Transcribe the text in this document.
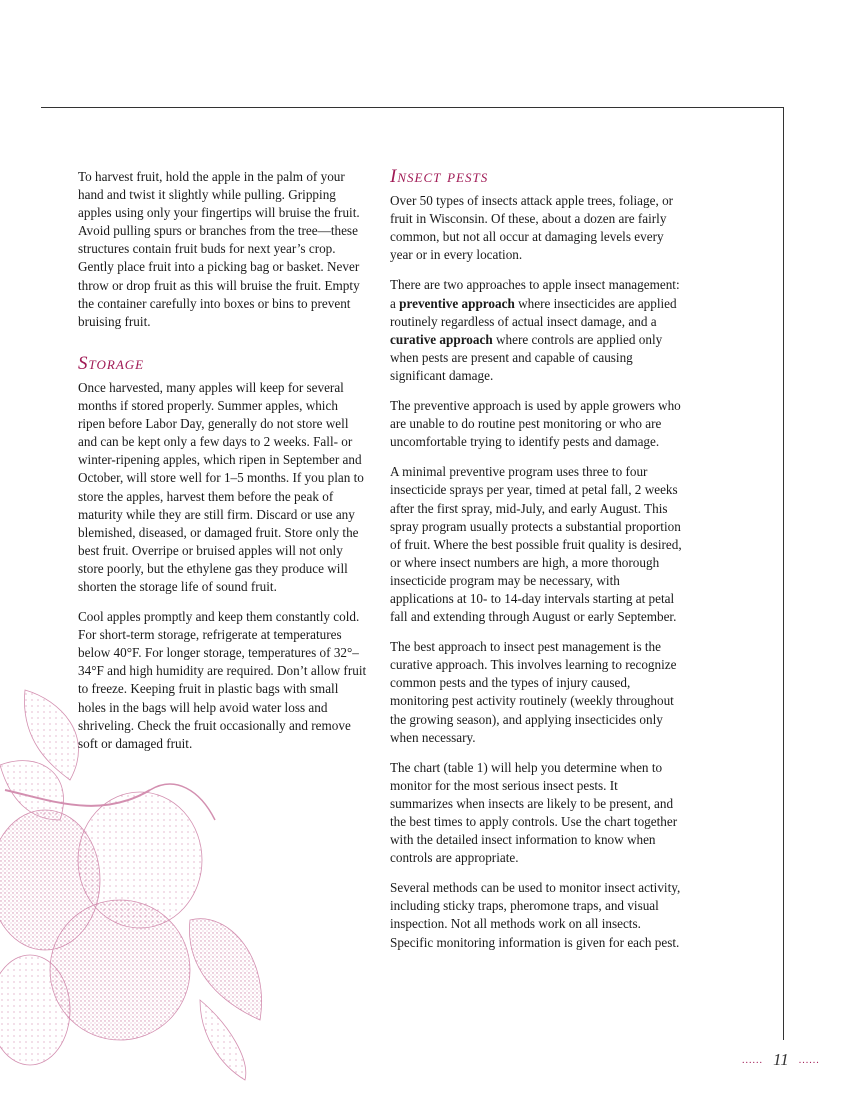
To harvest fruit, hold the apple in the palm of your hand and twist it slightly while pulling. Gripping apples using only your fingertips will bruise the fruit. Avoid pulling spurs or branches from the tree—these structures contain fruit buds for next year’s crop. Gently place fruit into a picking bag or basket. Never throw or drop fruit as this will bruise the fruit. Empty the container carefully into boxes or bins to prevent bruising fruit.

Storage

Once harvested, many apples will keep for several months if stored properly. Summer apples, which ripen before Labor Day, generally do not store well and can be kept only a few days to 2 weeks. Fall- or winter-ripening apples, which ripen in September and October, will store well for 1–5 months. If you plan to store the apples, harvest them before the peak of maturity while they are still firm. Discard or use any blemished, diseased, or damaged fruit. Store only the best fruit. Overripe or bruised apples will not only store poorly, but the ethylene gas they produce will shorten the storage life of sound fruit.

Cool apples promptly and keep them constantly cold. For short-term storage, refrigerate at temperatures below 40°F. For longer storage, temperatures of 32°–34°F and high humidity are required. Don’t allow fruit to freeze. Keeping fruit in plastic bags with small holes in the bags will help avoid water loss and shriveling. Check the fruit occasionally and remove soft or damaged fruit.

Insect pests

Over 50 types of insects attack apple trees, foliage, or fruit in Wisconsin. Of these, about a dozen are fairly common, but not all occur at damaging levels every year or in every location.

There are two approaches to apple insect management: a preventive approach where insecticides are applied routinely regardless of actual insect damage, and a curative approach where controls are applied only when pests are present and capable of causing significant damage.

The preventive approach is used by apple growers who are unable to do routine pest monitoring or who are uncomfortable trying to identify pests and damage.

A minimal preventive program uses three to four insecticide sprays per year, timed at petal fall, 2 weeks after the first spray, mid-July, and early August. This spray program usually protects a substantial proportion of fruit. Where the best possible fruit quality is desired, or where insect numbers are high, a more thorough insecticide program may be necessary, with applications at 10- to 14-day intervals starting at petal fall and extending through August or early September.

The best approach to insect pest management is the curative approach. This involves learning to recognize common pests and the types of injury caused, monitoring pest activity routinely (weekly throughout the growing season), and applying insecticides only when necessary.

The chart (table 1) will help you determine when to monitor for the most serious insect pests. It summarizes when insects are likely to be present, and the best times to apply controls. Use the chart together with the detailed insect information to know when controls are appropriate.

Several methods can be used to monitor insect activity, including sticky traps, pheromone traps, and visual inspection. Not all methods work on all insects. Specific monitoring information is given for each pest.

...... 11 ......
